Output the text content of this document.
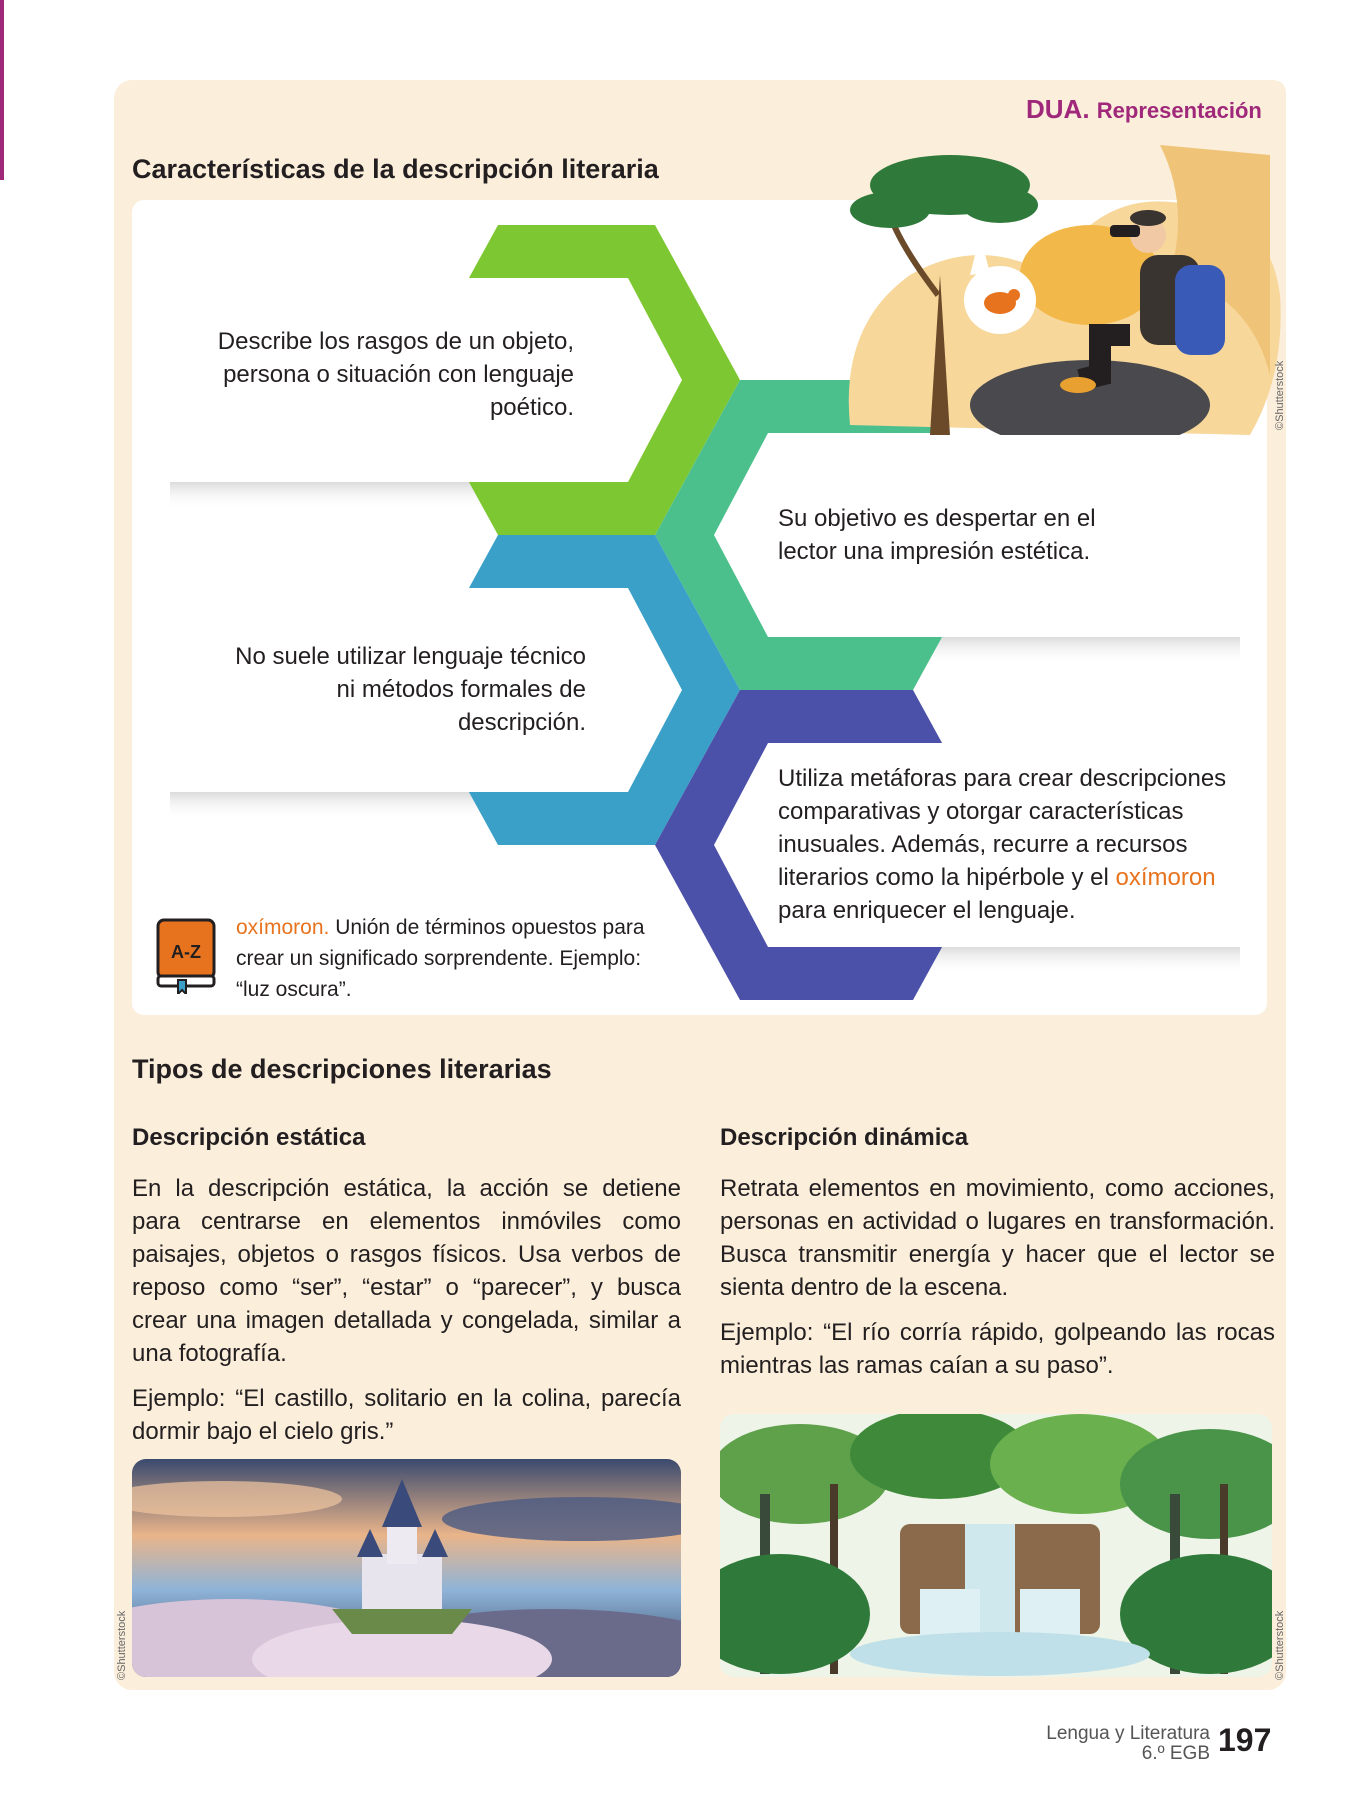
DUA. Representación
Características de la descripción literaria
Describe los rasgos de un objeto, persona o situación con lenguaje poético.
Su objetivo es despertar en el lector una impresión estética.
No suele utilizar lenguaje técnico ni métodos formales de descripción.
Utiliza metáforas para crear descripciones comparativas y otorgar características inusuales. Además, recurre a recursos literarios como la hipérbole y el oxímoron para enriquecer el lenguaje.
A-Z
oxímoron. Unión de términos opuestos para crear un significado sorprendente. Ejemplo: “luz oscura”.
©Shutterstock
Tipos de descripciones literarias
Descripción estática

En la descripción estática, la acción se detiene para centrarse en elementos inmóviles como paisajes, objetos o rasgos físicos. Usa verbos de reposo como “ser”, “estar” o “parecer”, y busca crear una imagen detallada y congelada, similar a una fotografía.

Ejemplo: “El castillo, solitario en la colina, parecía dormir bajo el cielo gris.”

Descripción dinámica

Retrata elementos en movimiento, como acciones, personas en actividad o lugares en transformación. Busca transmitir energía y hacer que el lector se sienta dentro de la escena.

Ejemplo: “El río corría rápido, golpeando las rocas mientras las ramas caían a su paso”.

©Shutterstock	©Shutterstock
Lengua y Literatura
6.º EGB 197
